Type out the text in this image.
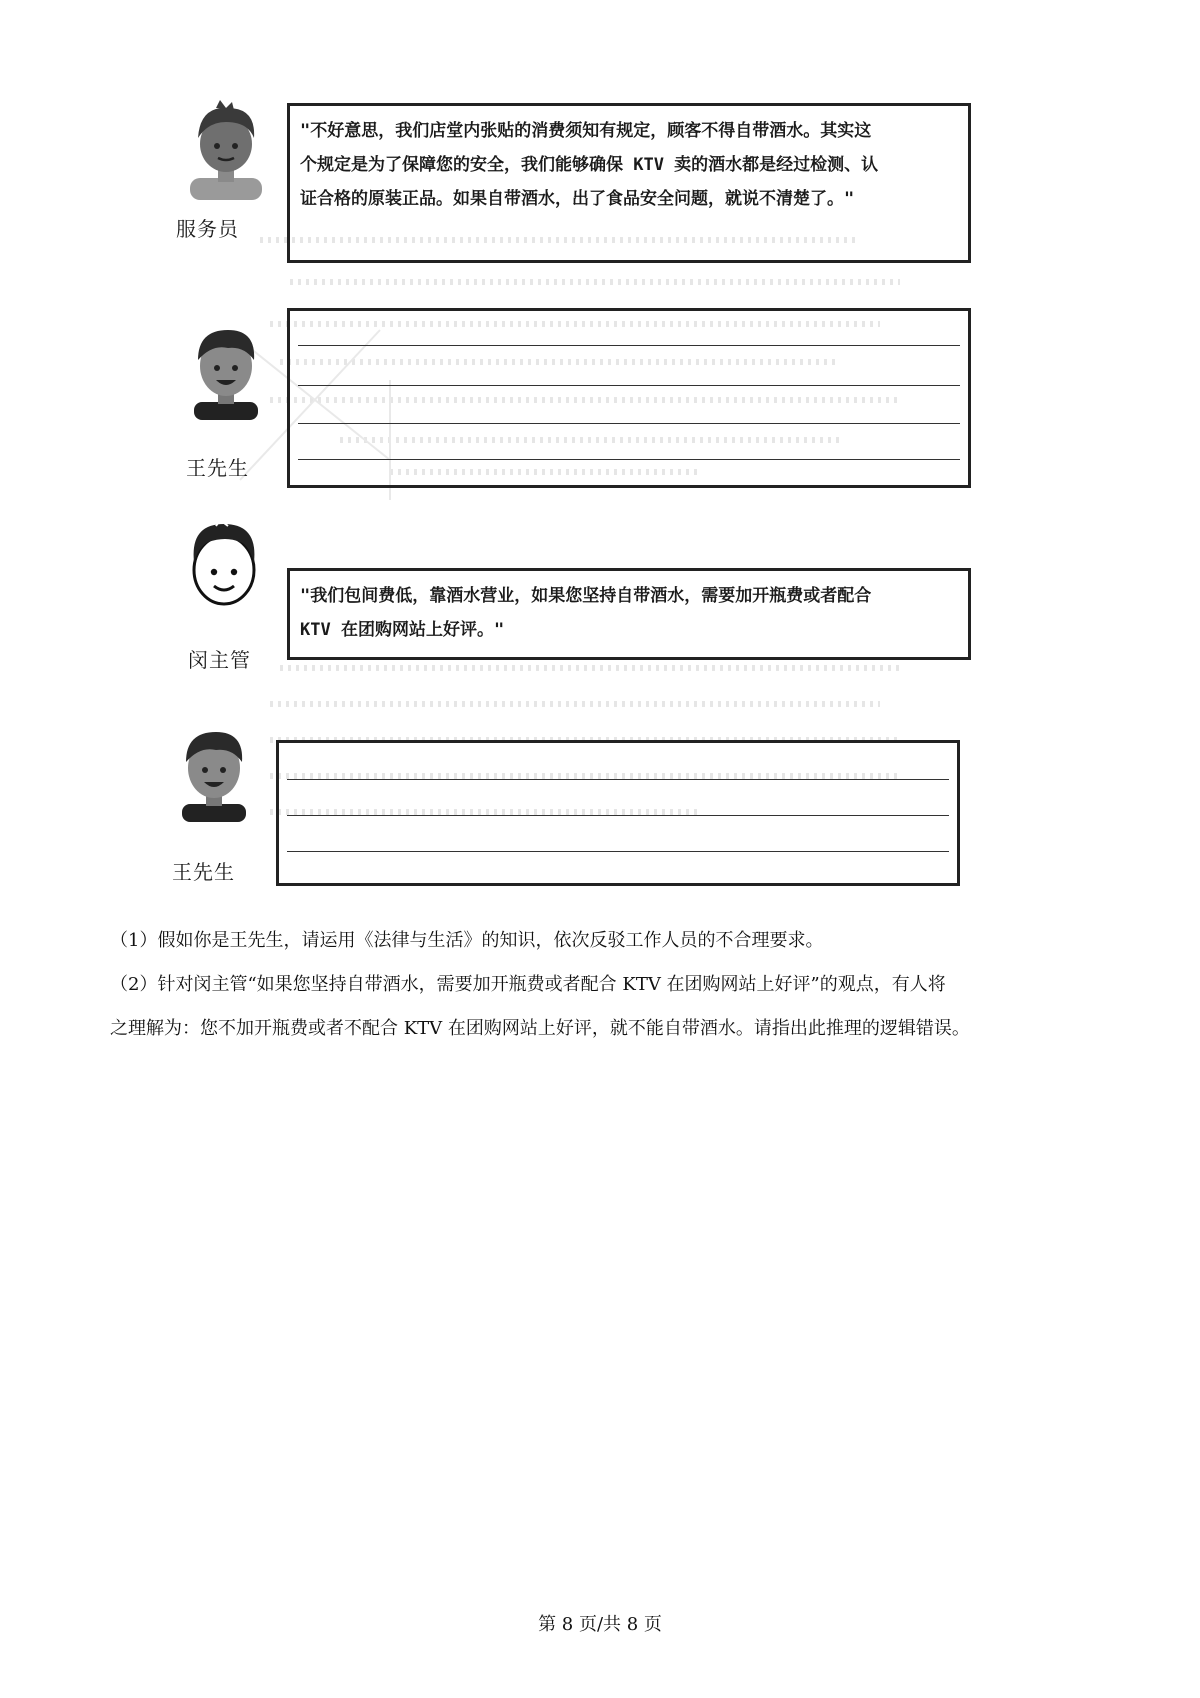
服务员
"不好意思，我们店堂内张贴的消费须知有规定，顾客不得自带酒水。其实这
个规定是为了保障您的安全，我们能够确保 KTV 卖的酒水都是经过检测、认
证合格的原装正品。如果自带酒水，出了食品安全问题，就说不清楚了。"
王先生
闵主管
"我们包间费低，靠酒水营业，如果您坚持自带酒水，需要加开瓶费或者配合
KTV 在团购网站上好评。"
王先生
（1）假如你是王先生，请运用《法律与生活》的知识，依次反驳工作人员的不合理要求。
（2）针对闵主管“如果您坚持自带酒水，需要加开瓶费或者配合 KTV 在团购网站上好评”的观点，有人将
之理解为：您不加开瓶费或者不配合 KTV 在团购网站上好评，就不能自带酒水。请指出此推理的逻辑错误。
第 8 页/共 8 页
